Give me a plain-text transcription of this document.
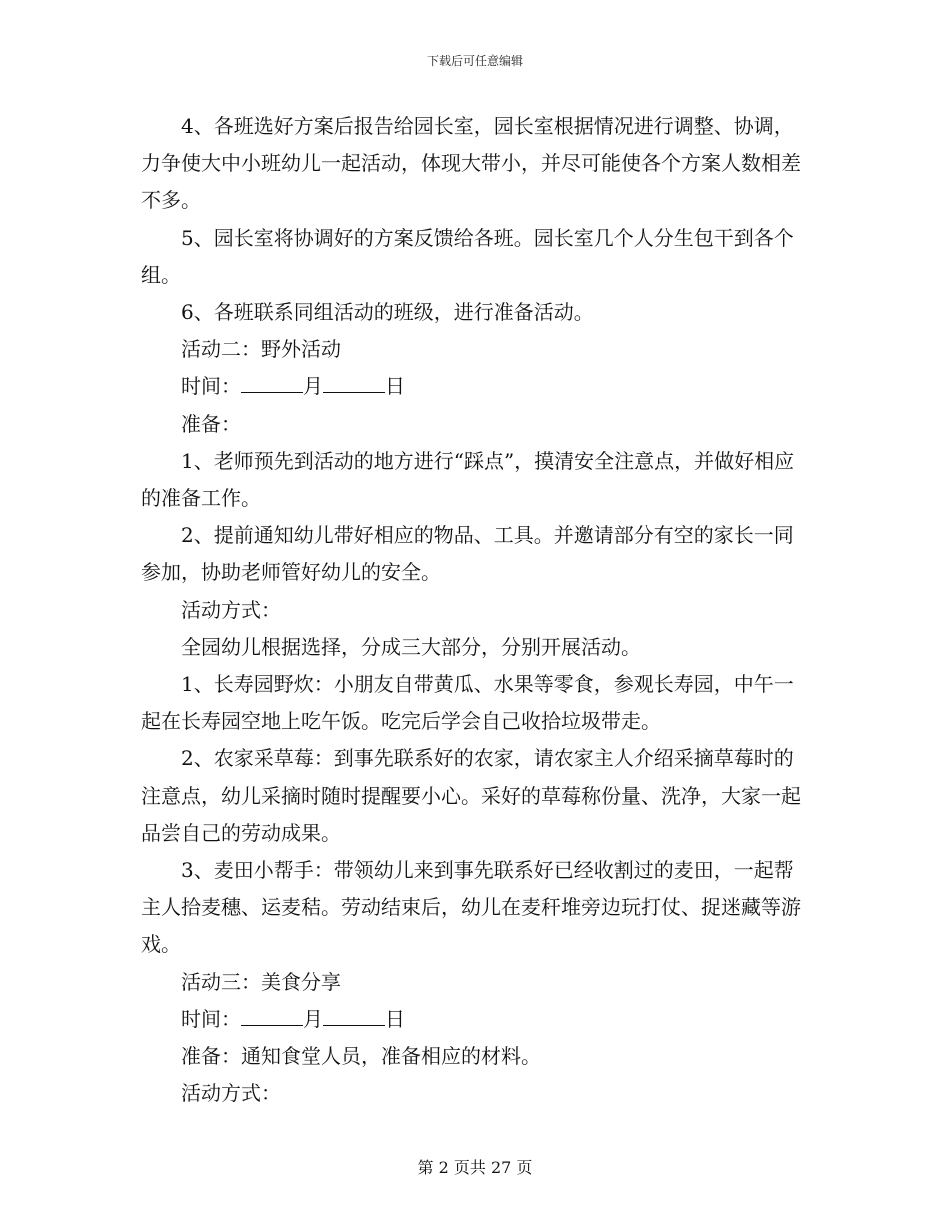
下载后可任意编辑

4、各班选好方案后报告给园长室，园长室根据情况进行调整、协调，力争使大中小班幼儿一起活动，体现大带小，并尽可能使各个方案人数相差不多。

5、园长室将协调好的方案反馈给各班。园长室几个人分生包干到各个组。

6、各班联系同组活动的班级，进行准备活动。

活动二：野外活动

时间：	月	日

准备：

1、老师预先到活动的地方进行“踩点”，摸清安全注意点，并做好相应的准备工作。

2、提前通知幼儿带好相应的物品、工具。并邀请部分有空的家长一同参加，协助老师管好幼儿的安全。

活动方式：

全园幼儿根据选择，分成三大部分，分别开展活动。

1、长寿园野炊：小朋友自带黄瓜、水果等零食，参观长寿园，中午一起在长寿园空地上吃午饭。吃完后学会自己收拾垃圾带走。

2、农家采草莓：到事先联系好的农家，请农家主人介绍采摘草莓时的注意点，幼儿采摘时随时提醒要小心。采好的草莓称份量、洗净，大家一起品尝自己的劳动成果。

3、麦田小帮手：带领幼儿来到事先联系好已经收割过的麦田，一起帮主人拾麦穗、运麦秸。劳动结束后，幼儿在麦秆堆旁边玩打仗、捉迷藏等游戏。

活动三：美食分享

时间：	月	日

准备：通知食堂人员，准备相应的材料。

活动方式：

第 2 页共 27 页
